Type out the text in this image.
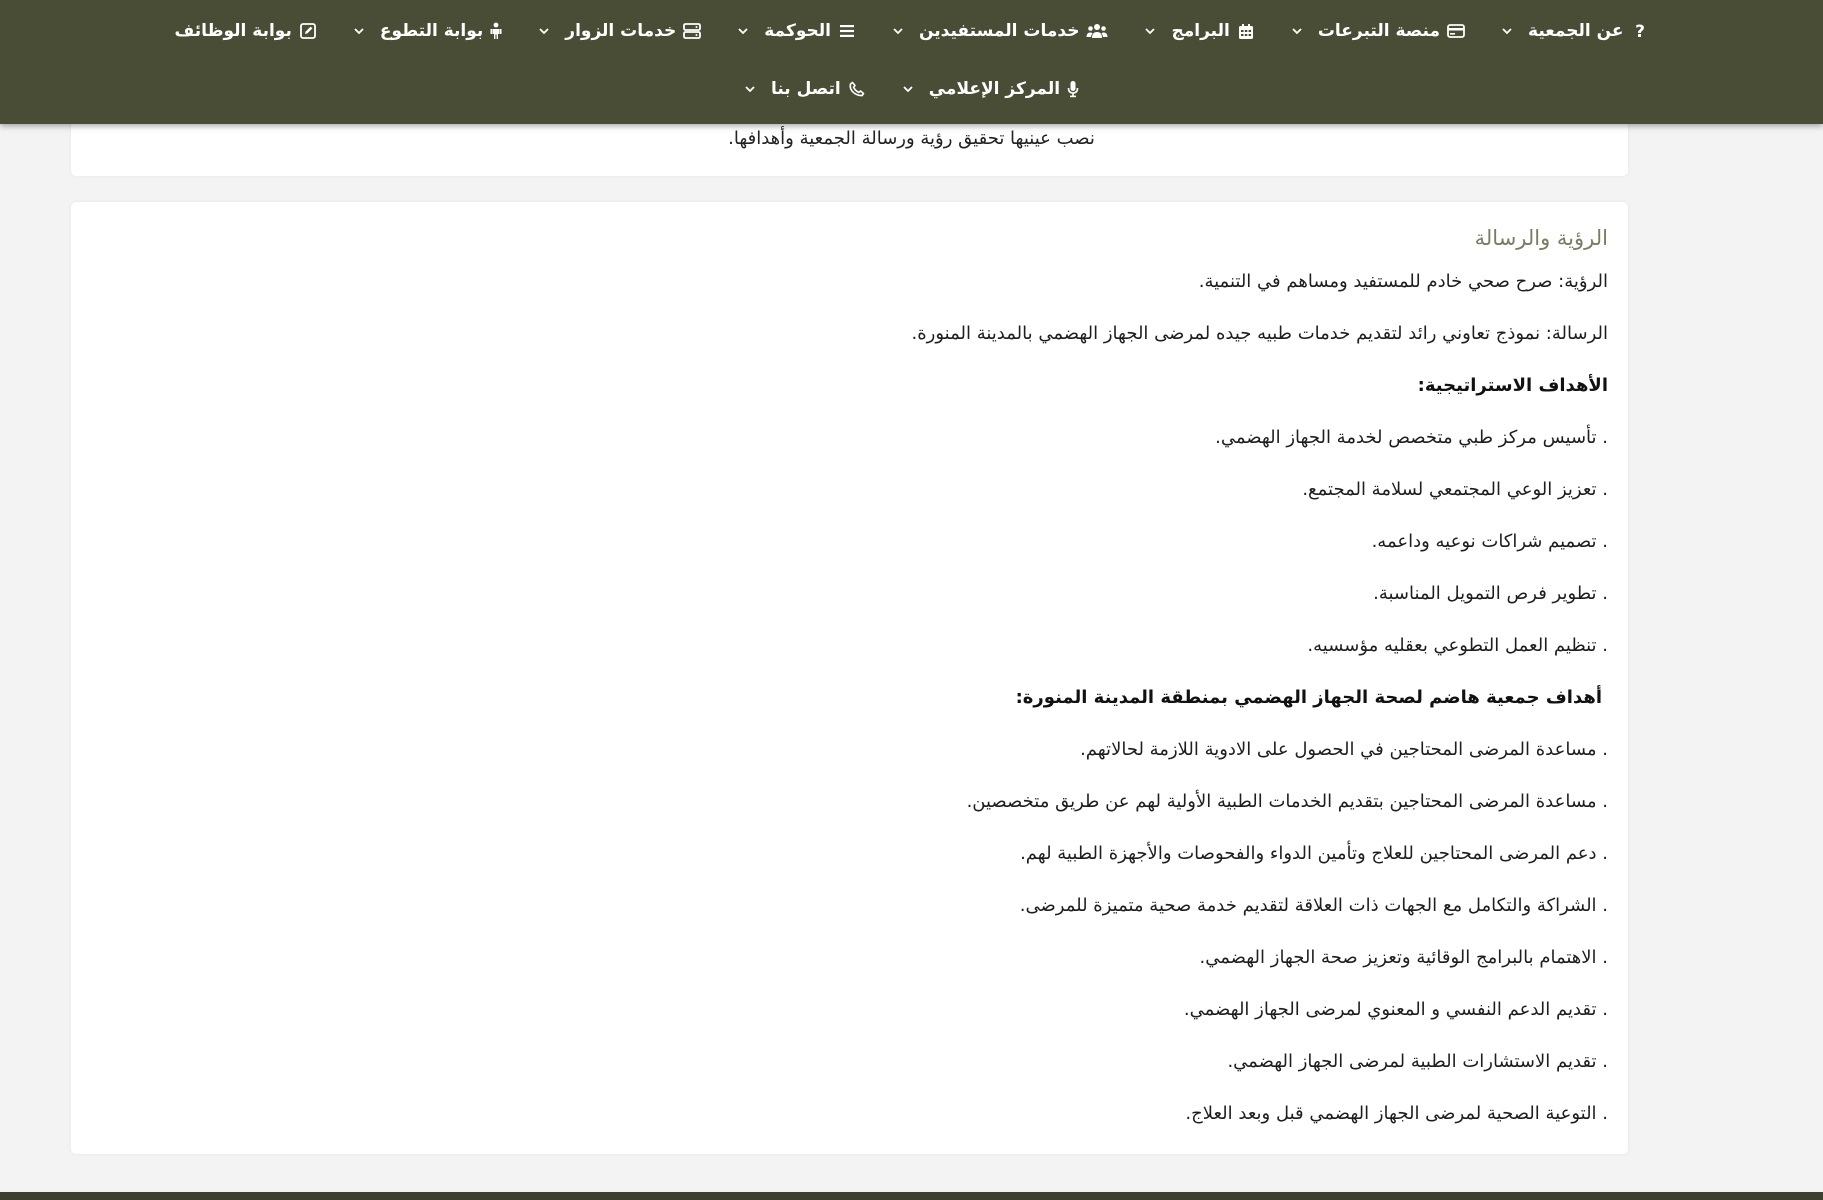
نصب عينيها تحقيق رؤية ورسالة الجمعية وأهدافها.
الرؤية والرسالة
الرؤية: صرح صحي خادم للمستفيد ومساهم في التنمية.
الرسالة: نموذج تعاوني رائد لتقديم خدمات طبيه جيده لمرضى الجهاز الهضمي بالمدينة المنورة.
الأهداف الاستراتيجية:
. تأسيس مركز طبي متخصص لخدمة الجهاز الهضمي.
. تعزيز الوعي المجتمعي لسلامة المجتمع.
. تصميم شراكات نوعيه وداعمه.
. تطوير فرص التمويل المناسبة.
. تنظيم العمل التطوعي بعقليه مؤسسيه.
أهداف جمعية هاضم لصحة الجهاز الهضمي بمنطقة المدينة المنورة:
. مساعدة المرضى المحتاجين في الحصول على الادوية اللازمة لحالاتهم.
. مساعدة المرضى المحتاجين بتقديم الخدمات الطبية الأولية لهم عن طريق متخصصين.
. دعم المرضى المحتاجين للعلاج وتأمين الدواء والفحوصات والأجهزة الطبية لهم.
. الشراكة والتكامل مع الجهات ذات العلاقة لتقديم خدمة صحية متميزة للمرضى.
. الاهتمام بالبرامج الوقائية وتعزيز صحة الجهاز الهضمي.
. تقديم الدعم النفسي و المعنوي لمرضى الجهاز الهضمي.
. تقديم الاستشارات الطبية لمرضى الجهاز الهضمي.
. التوعية الصحية لمرضى الجهاز الهضمي قبل وبعد العلاج.
?
عن الجمعية
منصة التبرعات
البرامج
خدمات المستفيدين
الحوكمة
خدمات الزوار
بوابة التطوع
بوابة الوظائف
المركز الإعلامي
اتصل بنا
